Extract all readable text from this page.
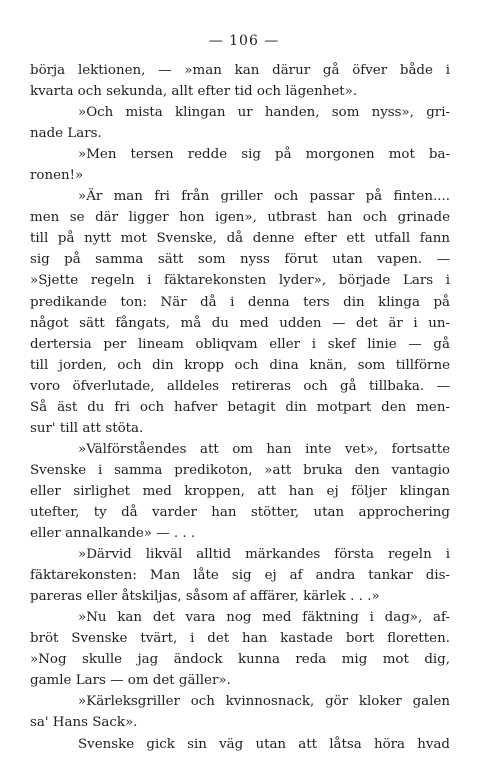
— 106 —
börja lektionen, — »man kan därur gå öfver både i
kvarta och sekunda, allt efter tid och lägenhet».
»Och mista klingan ur handen, som nyss», gri-
nade Lars.
»Men tersen redde sig på morgonen mot ba-
ronen!»
»Är man fri från griller och passar på finten....
men se där ligger hon igen», utbrast han och grinade
till på nytt mot Svenske, då denne efter ett utfall fann
sig på samma sätt som nyss förut utan vapen. —
»Sjette regeln i fäktarekonsten lyder», började Lars i
predikande ton: När då i denna ters din klinga på
något sätt fångats, må du med udden — det är i un-
dertersia per lineam obliqvam eller i skef linie — gå
till jorden, och din kropp och dina knän, som tillförne
voro öfverlutade, alldeles retireras och gå tillbaka. —
Så äst du fri och hafver betagit din motpart den men-
sur' till att stöta.
»Välförståendes att om han inte vet», fortsatte
Svenske i samma predikoton, »att bruka den vantagio
eller sirlighet med kroppen, att han ej följer klingan
utefter, ty då varder han stötter, utan approchering
eller annalkande» — . . .
»Därvid likväl alltid märkandes första regeln i
fäktarekonsten: Man låte sig ej af andra tankar dis-
pareras eller åtskiljas, såsom af affärer, kärlek . . .»
»Nu kan det vara nog med fäktning i dag», af-
bröt Svenske tvärt, i det han kastade bort floretten.
»Nog skulle jag ändock kunna reda mig mot dig,
gamle Lars — om det gäller».
»Kärleksgriller och kvinnosnack, gör kloker galen
sa' Hans Sack».
Svenske gick sin väg utan att låtsa höra hvad
